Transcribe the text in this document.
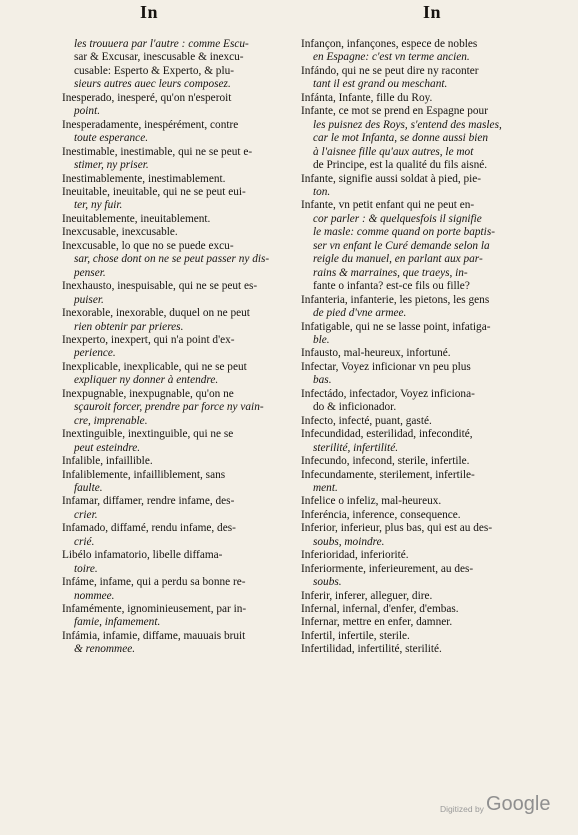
In	In
les trouuera par l'autre : comme Escu-
sar & Excusar, inescusable & inexcu-
cusable: Esperto & Experto, & plu-
sieurs autres auec leurs composez.
Inesperado, inesperé, qu'on n'esperoit
point.
Inesperadamente, inespérément, contre
toute esperance.
Inestimable, inestimable, qui ne se peut e-
stimer, ny priser.
Inestimablemente, inestimablement.
Ineuitable, ineuitable, qui ne se peut eui-
ter, ny fuir.
Ineuitablemente, ineuitablement.
Inexcusable, inexcusable.
Inexcusable, lo que no se puede excu-
sar, chose dont on ne se peut passer ny dis-
penser.
Inexhausto, inespuisable, qui ne se peut es-
puiser.
Inexorable, inexorable, duquel on ne peut
rien obtenir par prieres.
Inexperto, inexpert, qui n'a point d'ex-
perience.
Inexplicable, inexplicable, qui ne se peut
expliquer ny donner à entendre.
Inexpugnable, inexpugnable, qu'on ne
sçauroit forcer, prendre par force ny vain-
cre, imprenable.
Inextinguible, inextinguible, qui ne se
peut esteindre.
Infalible, infaillible.
Infaliblemente, infailliblement, sans
faulte.
Infamar, diffamer, rendre infame, des-
crier.
Infamado, diffamé, rendu infame, des-
crié.
Libélo infamatorio, libelle diffama-
toire.
Infáme, infame, qui a perdu sa bonne re-
nommee.
Infamémente, ignominieusement, par in-
famie, infamement.
Infámia, infamie, diffame, mauuais bruit
& renommee.
Infançon, infançones, espece de nobles
en Espagne: c'est vn terme ancien.
Infándo, qui ne se peut dire ny raconter
tant il est grand ou meschant.
Infánta, Infante, fille du Roy.
Infante, ce mot se prend en Espagne pour
les puisnez des Roys, s'entend des masles,
car le mot Infanta, se donne aussi bien
à l'aisnee fille qu'aux autres, le mot
de Principe, est la qualité du fils aisné.
Infante, signifie aussi soldat à pied, pie-
ton.
Infante, vn petit enfant qui ne peut en-
cor parler : & quelquesfois il signifie
le masle: comme quand on porte baptis-
ser vn enfant le Curé demande selon la
reigle du manuel, en parlant aux par-
rains & marraines, que traeys, in-
fante o infanta? est-ce fils ou fille?
Infanteria, infanterie, les pietons, les gens
de pied d'vne armee.
Infatigable, qui ne se lasse point, infatiga-
ble.
Infausto, mal-heureux, infortuné.
Infectar, Voyez inficionar vn peu plus
bas.
Infectádo, infectador, Voyez inficiona-
do & inficionador.
Infecto, infecté, puant, gasté.
Infecundidad, esterilidad, infecondité,
sterilité, infertilité.
Infecundo, infecond, sterile, infertile.
Infecundamente, sterilement, infertile-
ment.
Infelice o infeliz, mal-heureux.
Inferéncia, inference, consequence.
Inferior, inferieur, plus bas, qui est au des-
soubs, moindre.
Inferioridad, inferiorité.
Inferiormente, inferieurement, au des-
soubs.
Inferir, inferer, alleguer, dire.
Infernal, infernal, d'enfer, d'embas.
Infernar, mettre en enfer, damner.
Infertil, infertile, sterile.
Infertilidad, infertilité, sterilité.
Digitized by Google
